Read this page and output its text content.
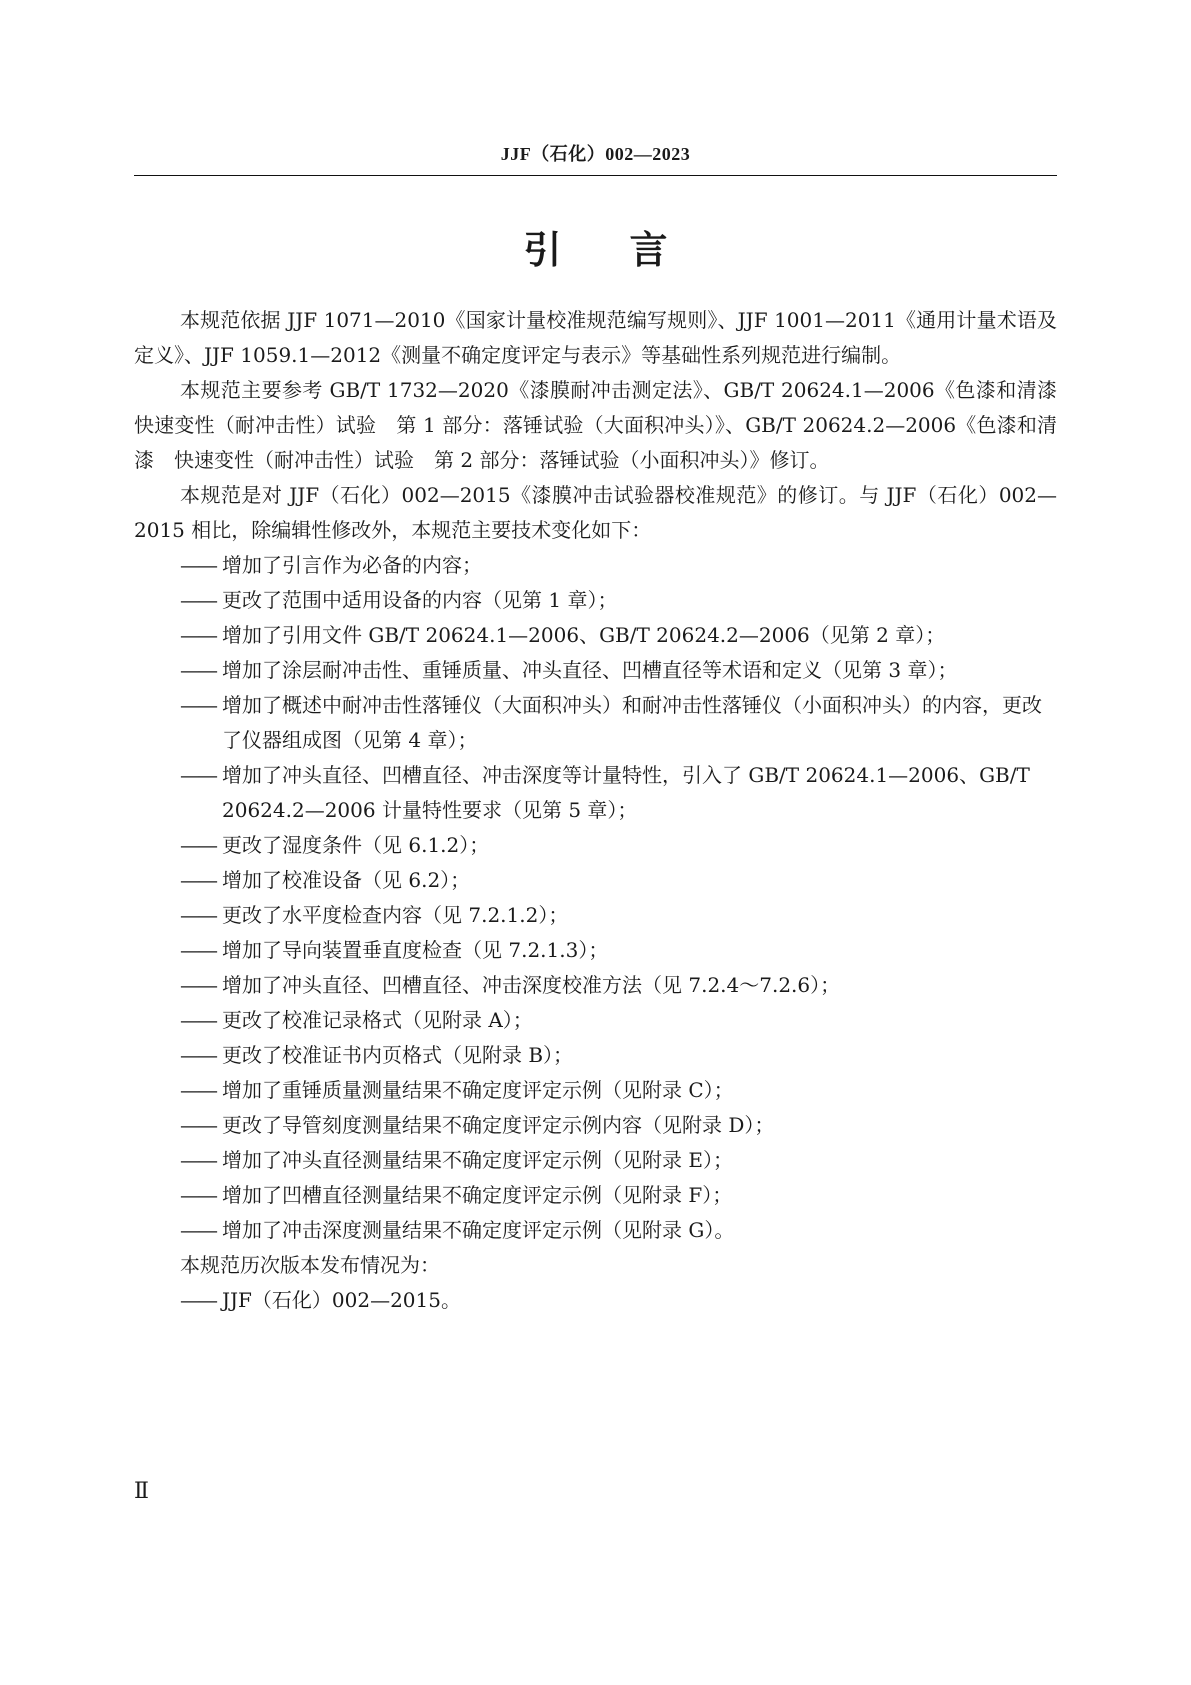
JJF（石化）002—2023
引言

本规范依据 JJF 1071—2010《国家计量校准规范编写规则》、JJF 1001—2011《通用计量术语及定义》、JJF 1059.1—2012《测量不确定度评定与表示》等基础性系列规范进行编制。

本规范主要参考 GB/T 1732—2020《漆膜耐冲击测定法》、GB/T 20624.1—2006《色漆和清漆　快速变性（耐冲击性）试验　第 1 部分：落锤试验（大面积冲头）》、GB/T 20624.2—2006《色漆和清漆　快速变性（耐冲击性）试验　第 2 部分：落锤试验（小面积冲头）》修订。

本规范是对 JJF（石化）002—2015《漆膜冲击试验器校准规范》的修订。与 JJF（石化）002—2015 相比，除编辑性修改外，本规范主要技术变化如下：

—— 增加了引言作为必备的内容；

—— 更改了范围中适用设备的内容（见第 1 章）；

—— 增加了引用文件 GB/T 20624.1—2006、GB/T 20624.2—2006（见第 2 章）；

—— 增加了涂层耐冲击性、重锤质量、冲头直径、凹槽直径等术语和定义（见第 3 章）；

—— 增加了概述中耐冲击性落锤仪（大面积冲头）和耐冲击性落锤仪（小面积冲头）的内容，更改了仪器组成图（见第 4 章）；

—— 增加了冲头直径、凹槽直径、冲击深度等计量特性，引入了 GB/T 20624.1—2006、GB/T 20624.2—2006 计量特性要求（见第 5 章）；

—— 更改了湿度条件（见 6.1.2）；

—— 增加了校准设备（见 6.2）；

—— 更改了水平度检查内容（见 7.2.1.2）；

—— 增加了导向装置垂直度检查（见 7.2.1.3）；

—— 增加了冲头直径、凹槽直径、冲击深度校准方法（见 7.2.4～7.2.6）；

—— 更改了校准记录格式（见附录 A）；

—— 更改了校准证书内页格式（见附录 B）；

—— 增加了重锤质量测量结果不确定度评定示例（见附录 C）；

—— 更改了导管刻度测量结果不确定度评定示例内容（见附录 D）；

—— 增加了冲头直径测量结果不确定度评定示例（见附录 E）；

—— 增加了凹槽直径测量结果不确定度评定示例（见附录 F）；

—— 增加了冲击深度测量结果不确定度评定示例（见附录 G）。

本规范历次版本发布情况为：

—— JJF（石化）002—2015。

Ⅱ
